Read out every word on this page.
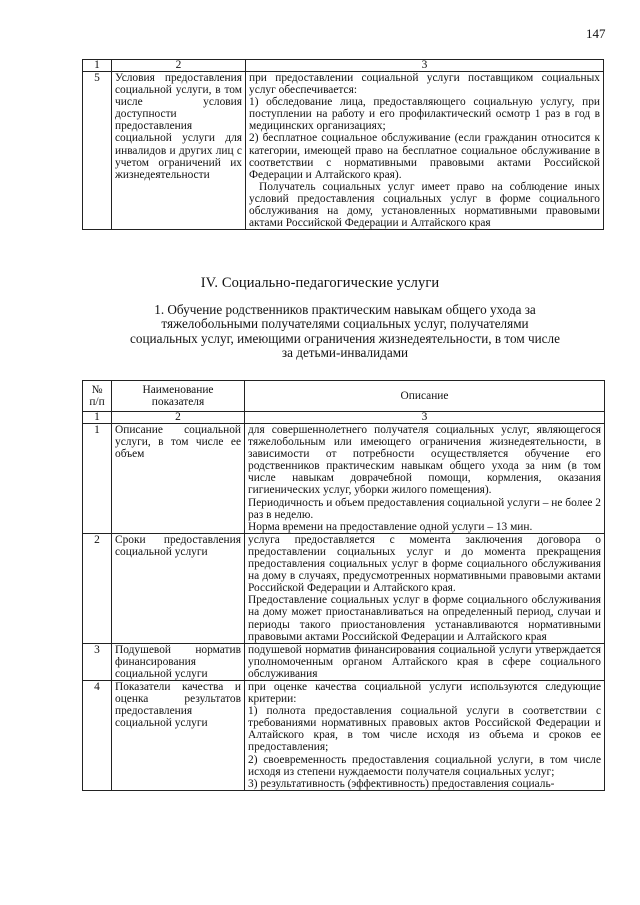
147
1	2	3
5	Условия предоставления социальной услуги, в том числе условия доступности предоставления социальной услуги для инвалидов и других лиц с учетом ограничений их жизнедеятельности	при предоставлении социальной услуги поставщиком социальных услуг обеспечивается:

1) обследование лица, предоставляющего социальную услугу, при поступлении на работу и его профилактический осмотр 1 раз в год в медицинских организациях;

2) бесплатное социальное обслуживание (если гражданин относится к категории, имеющей право на бесплатное социальное обслуживание в соответствии с нормативными правовыми актами Российской Федерации и Алтайского края).

Получатель социальных услуг имеет право на соблюдение иных условий предоставления социальных услуг в форме социального обслуживания на дому, установленных нормативными правовыми актами Российской Федерации и Алтайского края

IV. Социально-педагогические услуги
1. Обучение родственников практическим навыкам общего ухода за тяжелобольными получателями социальных услуг, получателями социальных услуг, имеющими ограничения жизнедеятельности, в том числе за детьми-инвалидами
№ п/п	Наименование показателя	Описание
1	2	3
1	Описание социальной услуги, в том числе ее объем	для совершеннолетнего получателя социальных услуг, являющегося тяжелобольным или имеющего ограничения жизнедеятельности, в зависимости от потребности осуществляется обучение его родственников практическим навыкам общего ухода за ним (в том числе навыкам доврачебной помощи, кормления, оказания гигиенических услуг, уборки жилого помещения).

Периодичность и объем предоставления социальной услуги – не более 2 раз в неделю.

Норма времени на предоставление одной услуги – 13 мин.

2	Сроки предоставления социальной услуги	услуга предоставляется с момента заключения договора о предоставлении социальных услуг и до момента прекращения предоставления социальных услуг в форме социального обслуживания на дому в случаях, предусмотренных нормативными правовыми актами Российской Федерации и Алтайского края.

Предоставление социальных услуг в форме социального обслуживания на дому может приостанавливаться на определенный период, случаи и периоды такого приостановления устанавливаются нормативными правовыми актами Российской Федерации и Алтайского края

3	Подушевой норматив финансирования социальной услуги	подушевой норматив финансирования социальной услуги утверждается уполномоченным органом Алтайского края в сфере социального обслуживания

4	Показатели качества и оценка результатов предоставления социальной услуги	при оценке качества социальной услуги используются следующие критерии:

1) полнота предоставления социальной услуги в соответствии с требованиями нормативных правовых актов Российской Федерации и Алтайского края, в том числе исходя из объема и сроков ее предоставления;

2) своевременность предоставления социальной услуги, в том числе исходя из степени нуждаемости получателя социальных услуг;

3) результативность (эффективность) предоставления социаль-
